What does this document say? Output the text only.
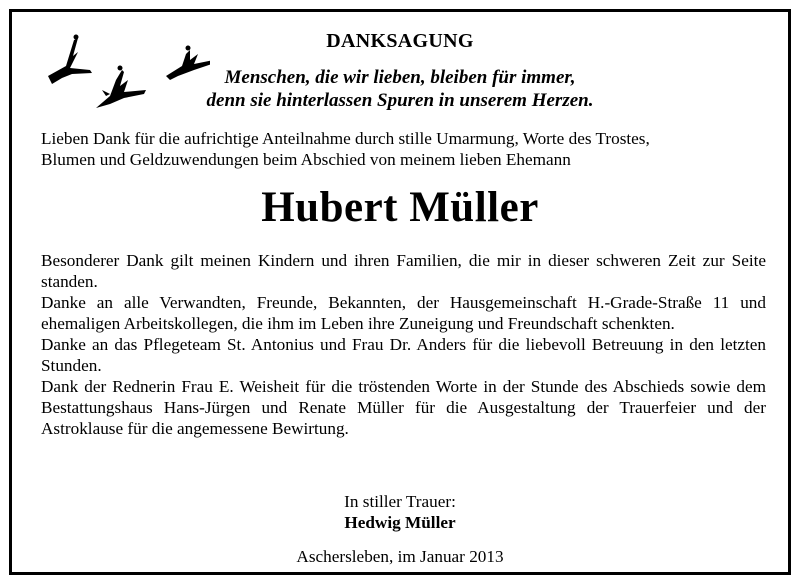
DANKSAGUNG
Menschen, die wir lieben, bleiben für immer,
denn sie hinterlassen Spuren in unserem Herzen.
Lieben Dank für die aufrichtige Anteilnahme durch stille Umarmung, Worte des Trostes,
Blumen und Geldzuwendungen beim Abschied von meinem lieben Ehemann
Hubert Müller

Besonderer Dank gilt meinen Kindern und ihren Familien, die mir in dieser schweren Zeit zur Seite standen.

Danke an alle Verwandten, Freunde, Bekannten, der Hausgemeinschaft H.-Grade-Straße 11 und ehemaligen Arbeitskollegen, die ihm im Leben ihre Zuneigung und Freundschaft schenkten.

Danke an das Pflegeteam St. Antonius und Frau Dr. Anders für die liebevoll Betreuung in den letzten Stunden.

Dank der Rednerin Frau E. Weisheit für die tröstenden Worte in der Stunde des Abschieds sowie dem Bestattungshaus Hans-Jürgen und Renate Müller für die Ausgestaltung der Trauerfeier und der Astroklause für die angemessene Bewirtung.

In stiller Trauer:
Hedwig Müller
Aschersleben, im Januar 2013
